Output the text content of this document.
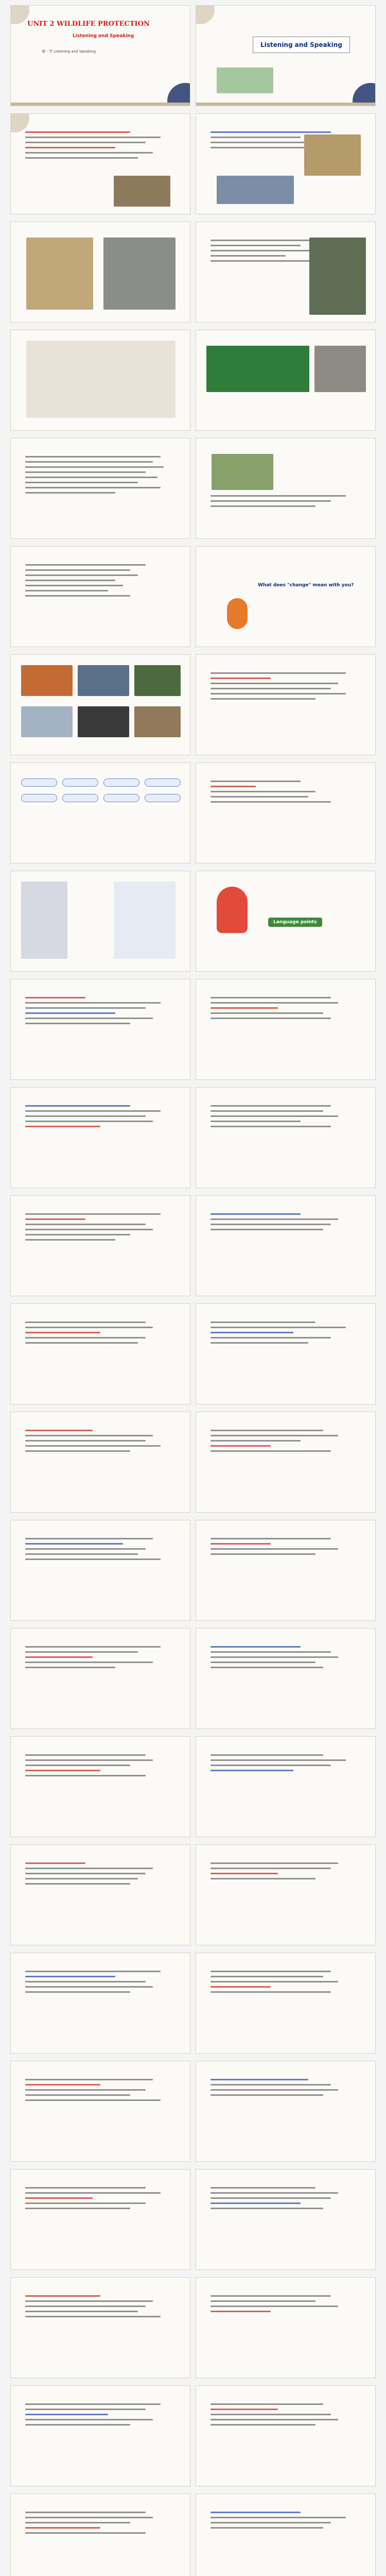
UNIT 2 WILDLIFE PROTECTION
Listening and Speaking
第一节 Listening and Speaking
Listening and Speaking
What does "change" mean with you?
Language points
